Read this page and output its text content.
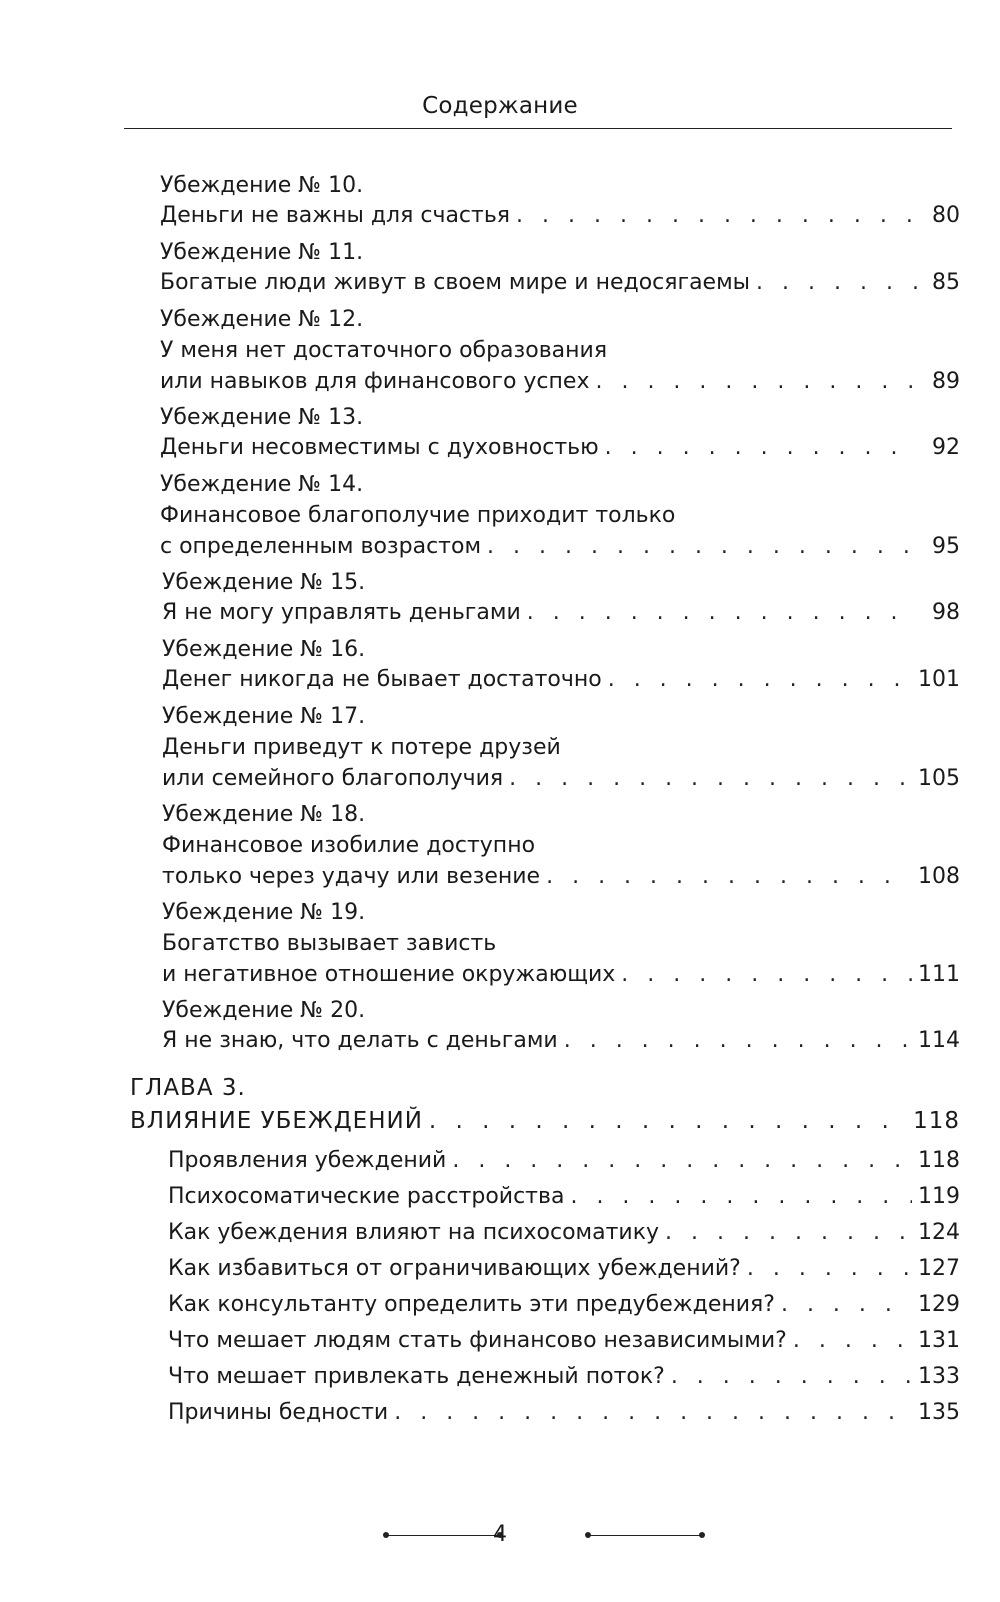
Содержание
Убеждение № 10.
Деньги не важны для счастья . . .	80
Убеждение № 11.
Богатые люди живут в своем мире и недосягаемы . . .	85
Убеждение № 12.
У меня нет достаточного образования
или навыков для финансового успех . . .	89
Убеждение № 13.
Деньги несовместимы с духовностью . . .	92
Убеждение № 14.
Финансовое благополучие приходит только
с определенным возрастом . . .	95
Убеждение № 15.
Я не могу управлять деньгами . . .	98
Убеждение № 16.
Денег никогда не бывает достаточно . . .	101
Убеждение № 17.
Деньги приведут к потере друзей
или семейного благополучия . . .	105
Убеждение № 18.
Финансовое изобилие доступно
только через удачу или везение . . .	108
Убеждение № 19.
Богатство вызывает зависть
и негативное отношение окружающих . . .	111
Убеждение № 20.
Я не знаю, что делать с деньгами . . .	114
ГЛАВА 3.
ВЛИЯНИЕ УБЕЖДЕНИЙ . . .	118
Проявления убеждений . . .	118
Психосоматические расстройства . . .	119
Как убеждения влияют на психосоматику . . .	124
Как избавиться от ограничивающих убеждений? . . .	127
Как консультанту определить эти предубеждения? . . .	129
Что мешает людям стать финансово независимыми? . . .	131
Что мешает привлекать денежный поток? . . .	133
Причины бедности . . .	135
4
